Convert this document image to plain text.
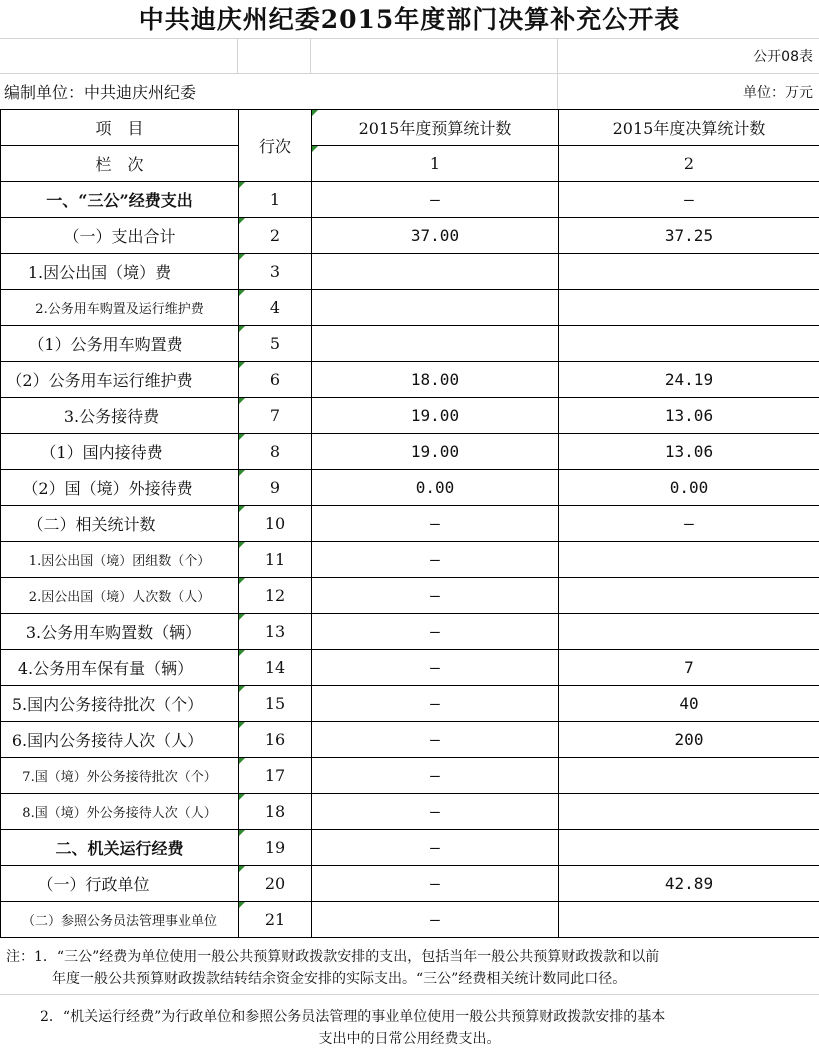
中共迪庆州纪委2015年度部门决算补充公开表
公开08表
编制单位：中共迪庆州纪委	单位：万元
项　目	行次	2015年度预算统计数	2015年度决算统计数
栏　次		1	2
一、“三公”经费支出	1	—	—
（一）支出合计	2	37.00	37.25
1.因公出国（境）费	3		
2.公务用车购置及运行维护费	4		
（1）公务用车购置费	5		
（2）公务用车运行维护费	6	18.00	24.19
3.公务接待费	7	19.00	13.06
（1）国内接待费	8	19.00	13.06
（2）国（境）外接待费	9	0.00	0.00
（二）相关统计数	10	—	—
1.因公出国（境）团组数（个）	11	—	
2.因公出国（境）人次数（人）	12	—	
3.公务用车购置数（辆）	13	—	
4.公务用车保有量（辆）	14	—	7
5.国内公务接待批次（个）	15	—	40
6.国内公务接待人次（人）	16	—	200
7.国（境）外公务接待批次（个）	17	—	
8.国（境）外公务接待人次（人）	18	—	
二、机关运行经费	19	—	
（一）行政单位	20	—	42.89
（二）参照公务员法管理事业单位	21	—	
注：1．“三公”经费为单位使用一般公共预算财政拨款安排的支出，包括当年一般公共预算财政拨款和以前
年度一般公共预算财政拨款结转结余资金安排的实际支出。“三公”经费相关统计数同此口径。
2．“机关运行经费”为行政单位和参照公务员法管理的事业单位使用一般公共预算财政拨款安排的基本
支出中的日常公用经费支出。
